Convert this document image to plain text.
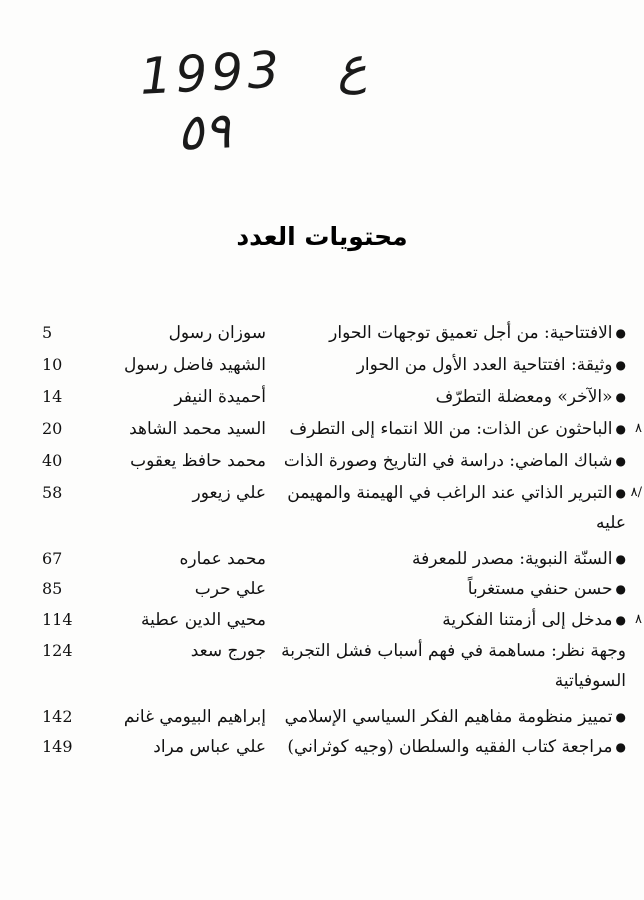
1993 ع ٥٩
محتويات العدد
●الافتتاحية: من أجل تعميق توجهات الحوار
سوزان رسول
5
●وثيقة: افتتاحية العدد الأول من الحوار
الشهيد فاضل رسول
10
●«الآخر» ومعضلة التطرّف
أحميدة النيفر
14
٨
●الباحثون عن الذات: من اللا انتماء إلى التطرف
السيد محمد الشاهد
20
●شباك الماضي: دراسة في التاريخ وصورة الذات
محمد حافظ يعقوب
40
٨/
●التبرير الذاتي عند الراغب في الهيمنة والمهيمن
علي زيعور
58
عليه
●السنّة النبوية: مصدر للمعرفة
محمد عماره
67
●حسن حنفي مستغرباً
علي حرب
85
٨
●مدخل إلى أزمتنا الفكرية
محيي الدين عطية
114
وجهة نظر: مساهمة في فهم أسباب فشل التجربة
جورج سعد
124
السوفياتية
●تمييز منظومة مفاهيم الفكر السياسي الإسلامي
إبراهيم البيومي غانم
142
●مراجعة كتاب الفقيه والسلطان (وجيه كوثراني)
علي عباس مراد
149
